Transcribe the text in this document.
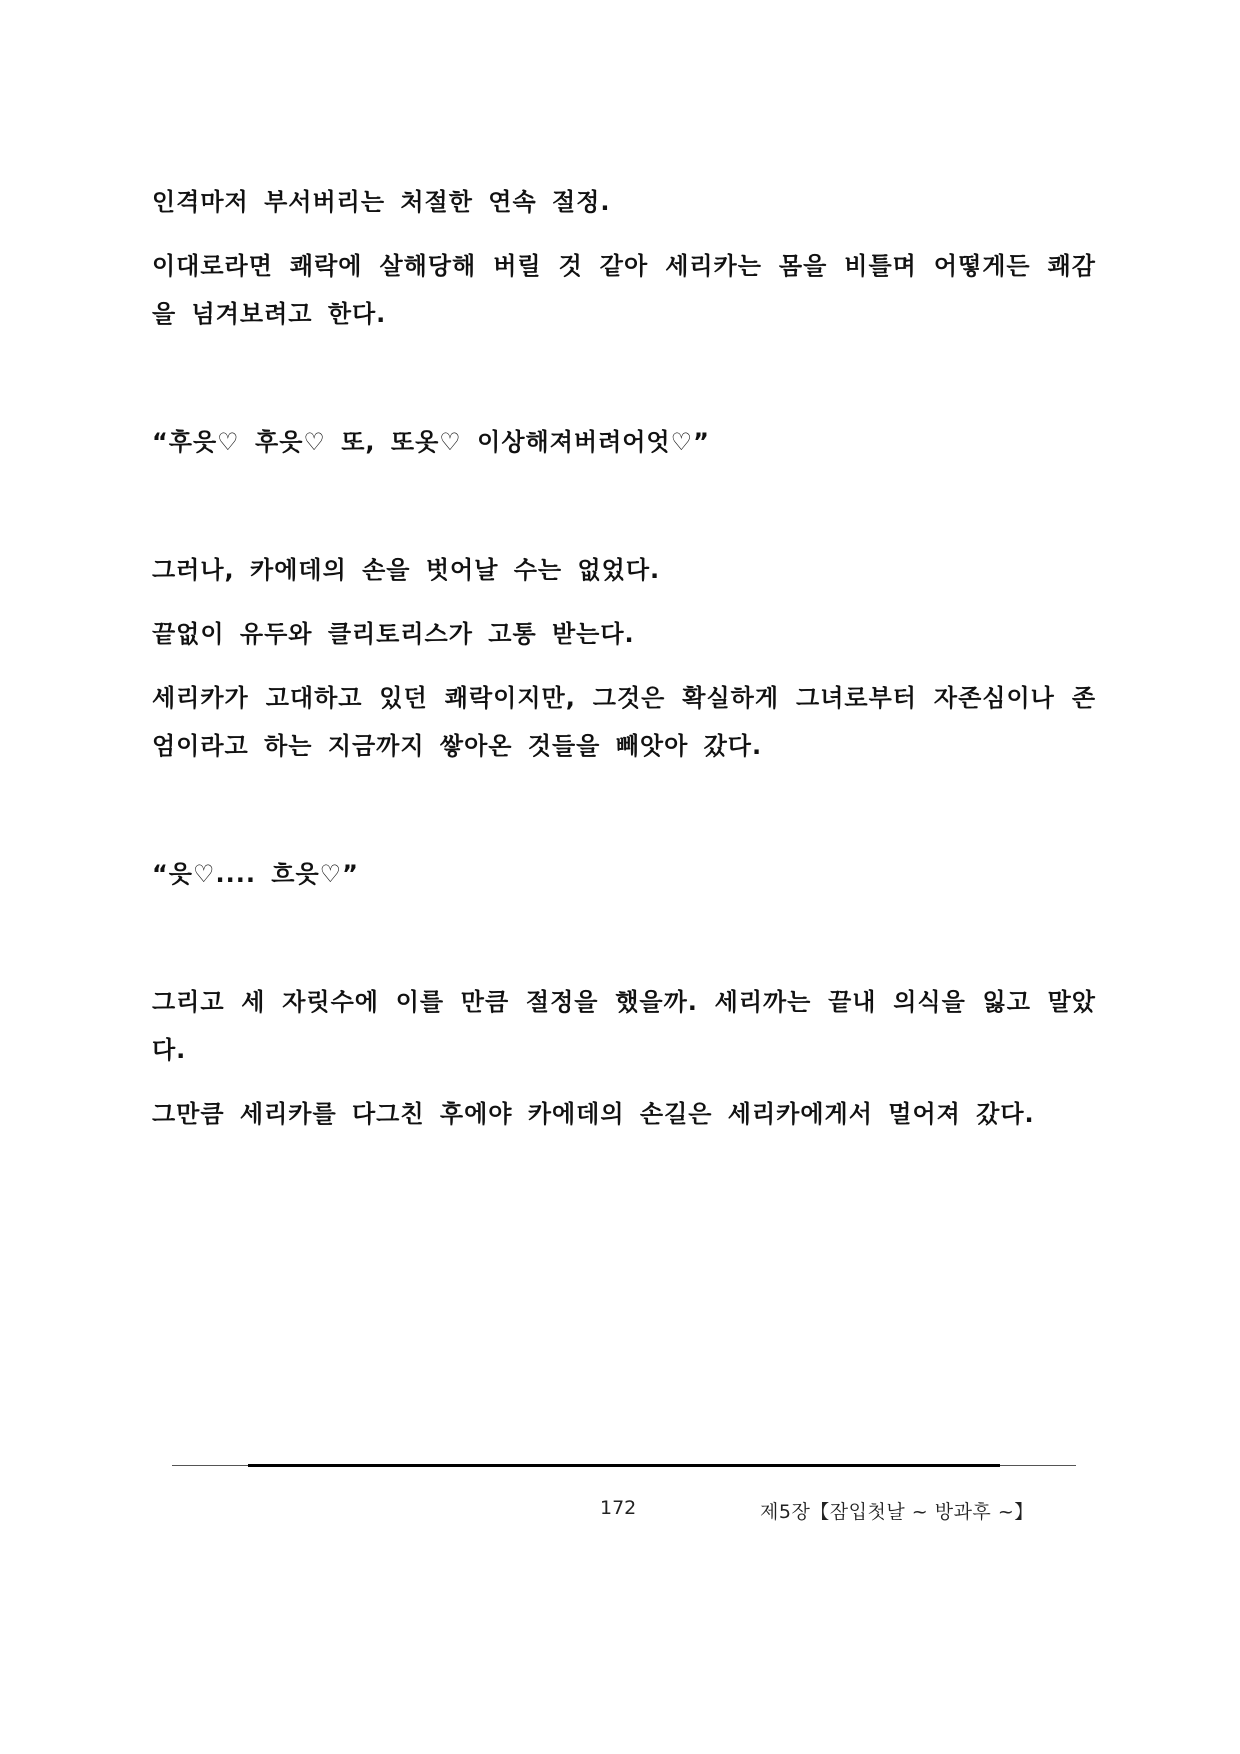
인격마저 부서버리는 처절한 연속 절정.

이대로라면 쾌락에 살해당해 버릴 것 같아 세리카는 몸을 비틀며 어떻게든 쾌감을 넘겨보려고 한다.

“후읏♡ 후읏♡ 또, 또옷♡ 이상해져버려어엇♡”

그러나, 카에데의 손을 벗어날 수는 없었다.

끝없이 유두와 클리토리스가 고통 받는다.

세리카가 고대하고 있던 쾌락이지만, 그것은 확실하게 그녀로부터 자존심이나 존엄이라고 하는 지금까지 쌓아온 것들을 빼앗아 갔다.

“읏♡.... 흐읏♡”

그리고 세 자릿수에 이를 만큼 절정을 했을까. 세리까는 끝내 의식을 잃고 말았다.

그만큼 세리카를 다그친 후에야 카에데의 손길은 세리카에게서 멀어져 갔다.

172	제5장【잠입첫날 ~ 방과후 ~】
